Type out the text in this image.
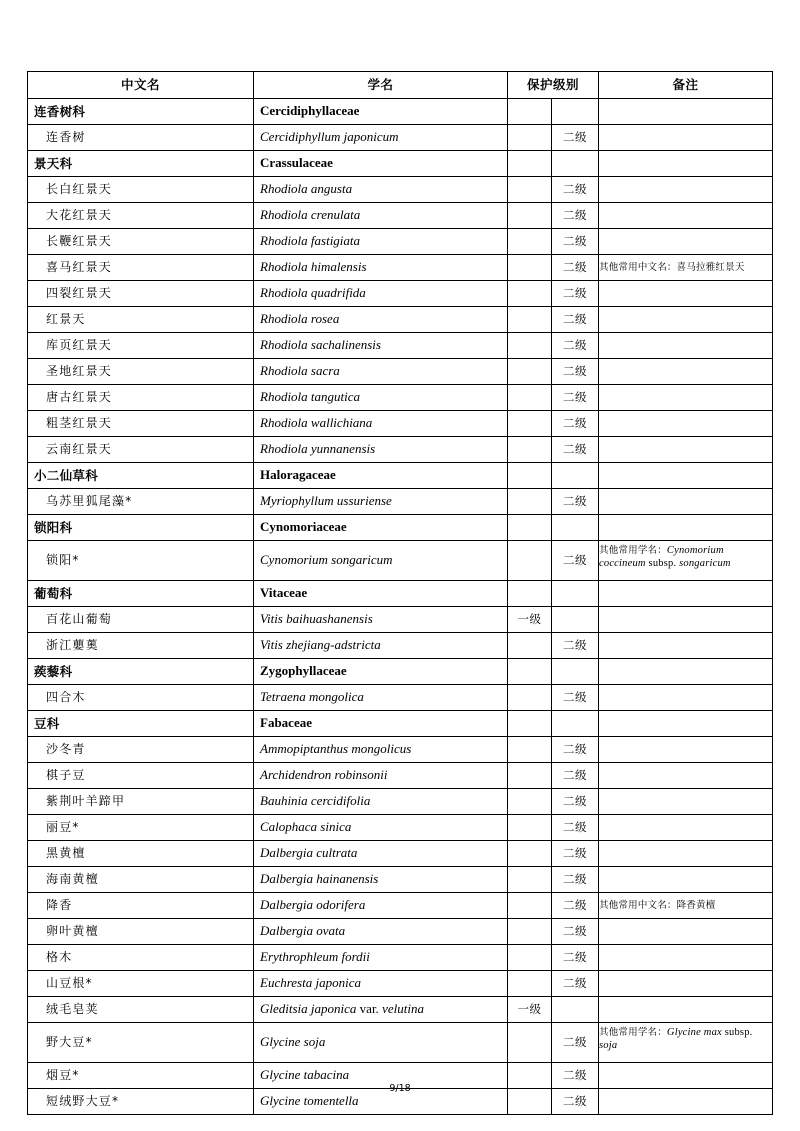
中文名	学名	保护级别		备注
连香树科	Cercidiphyllaceae			
连香树	Cercidiphyllum japonicum		二级	
景天科	Crassulaceae			
长白红景天	Rhodiola angusta		二级	
大花红景天	Rhodiola crenulata		二级	
长鞭红景天	Rhodiola fastigiata		二级	
喜马红景天	Rhodiola himalensis		二级	其他常用中文名：喜马拉雅红景天
四裂红景天	Rhodiola quadrifida		二级	
红景天	Rhodiola rosea		二级	
库页红景天	Rhodiola sachalinensis		二级	
圣地红景天	Rhodiola sacra		二级	
唐古红景天	Rhodiola tangutica		二级	
粗茎红景天	Rhodiola wallichiana		二级	
云南红景天	Rhodiola yunnanensis		二级	
小二仙草科	Haloragaceae			
乌苏里狐尾藻*	Myriophyllum ussuriense		二级	
锁阳科	Cynomoriaceae			
锁阳*	Cynomorium songaricum		二级	其他常用学名：Cynomorium coccineum subsp. songaricum
葡萄科	Vitaceae			
百花山葡萄	Vitis baihuashanensis	一级		
浙江蘡薁	Vitis zhejiang-adstricta		二级	
蒺藜科	Zygophyllaceae			
四合木	Tetraena mongolica		二级	
豆科	Fabaceae			
沙冬青	Ammopiptanthus mongolicus		二级	
棋子豆	Archidendron robinsonii		二级	
紫荆叶羊蹄甲	Bauhinia cercidifolia		二级	
丽豆*	Calophaca sinica		二级	
黑黄檀	Dalbergia cultrata		二级	
海南黄檀	Dalbergia hainanensis		二级	
降香	Dalbergia odorifera		二级	其他常用中文名：降香黄檀
卵叶黄檀	Dalbergia ovata		二级	
格木	Erythrophleum fordii		二级	
山豆根*	Euchresta japonica		二级	
绒毛皂荚	Gleditsia japonica var. velutina	一级		
野大豆*	Glycine soja		二级	其他常用学名：Glycine max subsp. soja
烟豆*	Glycine tabacina		二级	
短绒野大豆*	Glycine tomentella		二级	
9/18
